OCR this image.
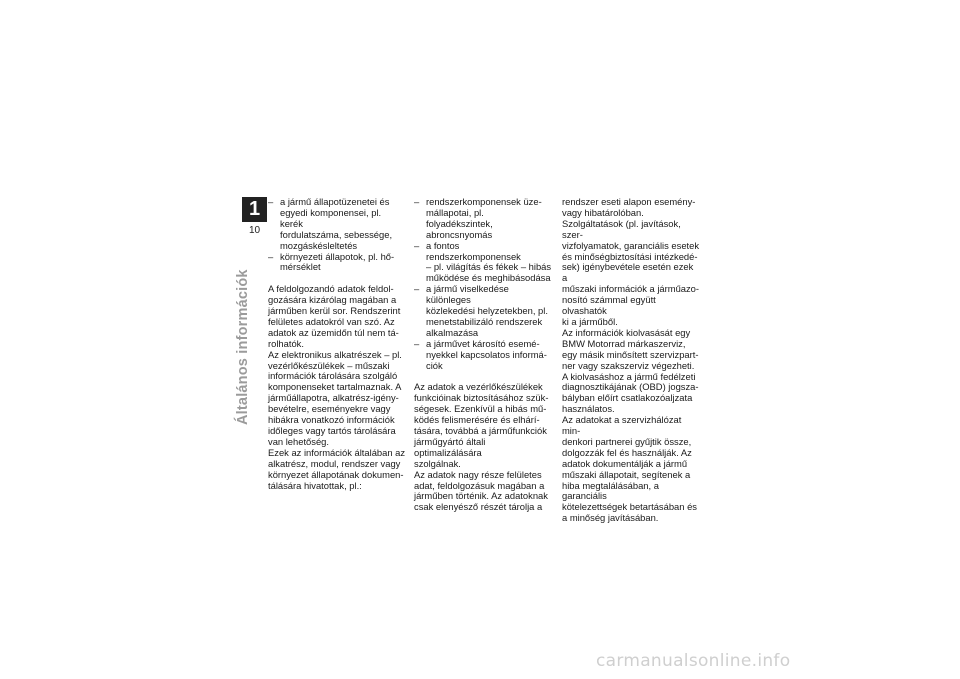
1
10
Általános információk

– a jármű állapotüzenetei és
egyedi komponensei, pl. kerék
fordulatszáma, sebessége,
mozgáskésleltetés

– környezeti állapotok, pl. hő-
mérséklet

A feldolgozandó adatok feldol-
gozására kizárólag magában a
járműben kerül sor. Rendszerint
felületes adatokról van szó. Az
adatok az üzemidőn túl nem tá-
rolhatók.

Az elektronikus alkatrészek – pl.
vezérlőkészülékek – műszaki
információk tárolására szolgáló
komponenseket tartalmaznak. A
járműállapotra, alkatrész-igény-
bevételre, eseményekre vagy
hibákra vonatkozó információk
időleges vagy tartós tárolására
van lehetőség.

Ezek az információk általában az
alkatrész, modul, rendszer vagy
környezet állapotának dokumen-
tálására hivatottak, pl.:

– rendszerkomponensek üze-
mállapotai, pl. folyadékszintek,
abroncsnyomás

– a fontos rendszerkomponensek
– pl. világítás és fékek – hibás
működése és meghibásodása

– a jármű viselkedése különleges
közlekedési helyzetekben, pl.
menetstabilizáló rendszerek
alkalmazása

– a járművet károsító esemé-
nyekkel kapcsolatos informá-
ciók

Az adatok a vezérlőkészülékek
funkcióinak biztosításához szük-
ségesek. Ezenkívül a hibás mű-
ködés felismerésére és elhárí-
tására, továbbá a járműfunkciók
járműgyártó általi optimalizálására
szolgálnak.

Az adatok nagy része felületes
adat, feldolgozásuk magában a
járműben történik. Az adatoknak
csak elenyésző részét tárolja a

rendszer eseti alapon esemény-
vagy hibatárolóban.

Szolgáltatások (pl. javítások, szer-
vizfolyamatok, garanciális esetek
és minőségbiztosítási intézkedé-
sek) igénybevétele esetén ezek a
műszaki információk a járműazo-
nosító számmal együtt olvashatók
ki a járműből.

Az információk kiolvasását egy
BMW Motorrad márkaszerviz,
egy másik minősített szervizpart-
ner vagy szakszerviz végezheti.

A kiolvasáshoz a jármű fedélzeti
diagnosztikájának (OBD) jogsza-
bályban előírt csatlakozóaljzata
használatos.

Az adatokat a szervizhálózat min-
denkori partnerei gyűjtik össze,
dolgozzák fel és használják. Az
adatok dokumentálják a jármű
műszaki állapotait, segítenek a
hiba megtalálásában, a garanciális
kötelezettségek betartásában és
a minőség javításában.

carmanualsonline.info
